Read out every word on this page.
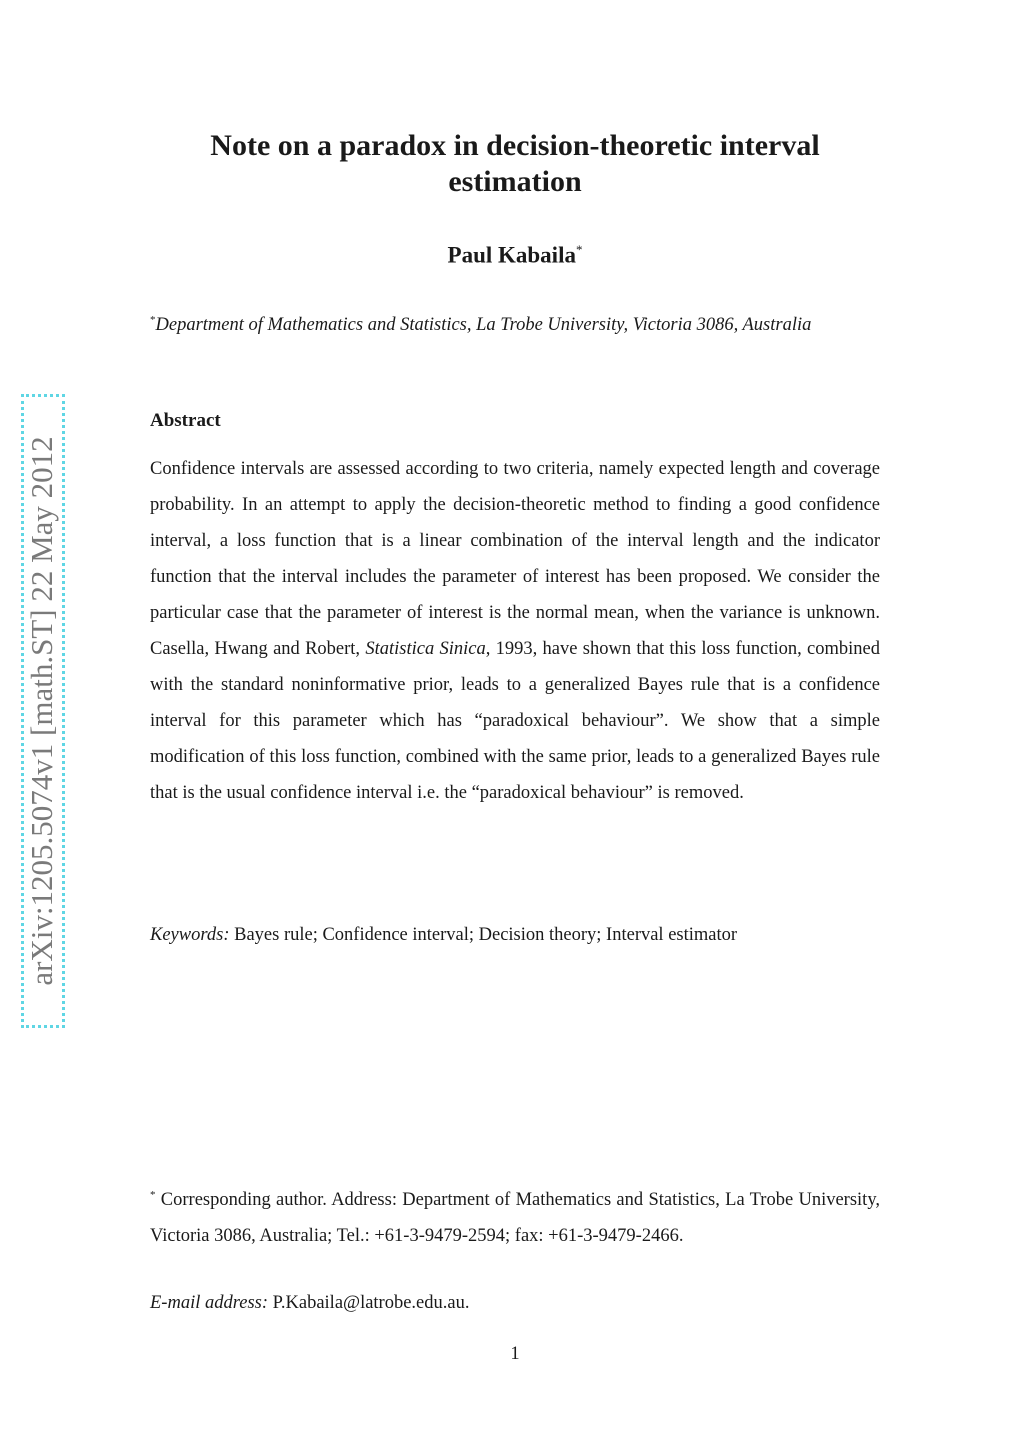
arXiv:1205.5074v1 [math.ST] 22 May 2012
Note on a paradox in decision-theoretic interval estimation
Paul Kabaila*
*Department of Mathematics and Statistics, La Trobe University, Victoria 3086, Australia
Abstract

Confidence intervals are assessed according to two criteria, namely expected length and coverage probability. In an attempt to apply the decision-theoretic method to finding a good confidence interval, a loss function that is a linear combination of the interval length and the indicator function that the interval includes the parameter of interest has been proposed. We consider the particular case that the parameter of interest is the normal mean, when the variance is unknown. Casella, Hwang and Robert, Statistica Sinica, 1993, have shown that this loss function, combined with the standard noninformative prior, leads to a generalized Bayes rule that is a confidence interval for this parameter which has “paradoxical behaviour”. We show that a simple modification of this loss function, combined with the same prior, leads to a generalized Bayes rule that is the usual confidence interval i.e. the “paradoxical behaviour” is removed.

Keywords: Bayes rule; Confidence interval; Decision theory; Interval estimator

* Corresponding author. Address: Department of Mathematics and Statistics, La Trobe University, Victoria 3086, Australia; Tel.: +61-3-9479-2594; fax: +61-3-9479-2466.

E-mail address: P.Kabaila@latrobe.edu.au.
1
